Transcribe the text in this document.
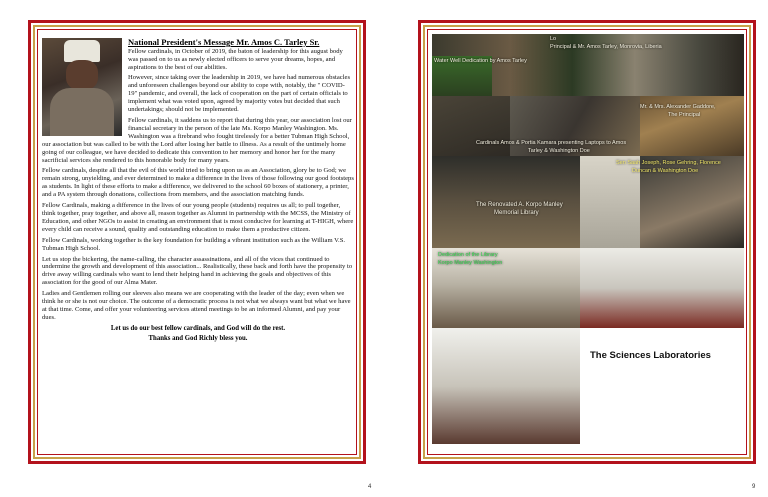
National President's Message Mr. Amos C. Tarley Sr.

Fellow cardinals, in October of 2019, the baton of leadership for this august body was passed on to us as newly elected officers to serve your dreams, hopes, and aspirations to the best of our abilities.

However, since taking over the leadership in 2019, we have had numerous obstacles and unforeseen challenges beyond our ability to cope with, notably, the " COVID-19" pandemic, and overall, the lack of cooperation on the part of certain officials to implement what was voted upon, agreed by majority votes but decided that such undertakings; should not be implemented.

Fellow cardinals, it saddens us to report that during this year, our association lost our financial secretary in the person of the late Ms. Korpo Manley Washington. Ms. Washington was a firebrand who fought tirelessly for a better Tubman High School, our association but was called to be with the Lord after losing her battle to illness. As a result of the untimely home going of our colleague, we have decided to dedicate this convention to her memory and honor her for the many sacrificial services she rendered to this honorable body for many years.

Fellow cardinals, despite all that the evil of this world tried to bring upon us as an Association, glory be to God; we remain strong, unyielding, and ever determined to make a difference in the lives of those following our good footsteps as students. In light of these efforts to make a difference, we delivered to the school 60 boxes of stationery, a printer, and a PA system through donations, collections from members, and the association matching funds.

Fellow Cardinals, making a difference in the lives of our young people (students) requires us all; to pull together, think together, pray together, and above all, reason together as Alumni in partnership with the MCSS, the Ministry of Education, and other NGOs to assist in creating an environment that is most conducive for learning at T-HIGH, where every child can receive a sound, quality and outstanding education to make them a productive citizen.

Fellow Cardinals, working together is the key foundation for building a vibrant institution such as the William V.S. Tubman High School.

Let us stop the bickering, the name-calling, the character assassinations, and all of the vices that continued to undermine the growth and development of this association... Realistically, these back and forth have the propensity to drive away willing cardinals who want to lend their helping hand in achieving the goals and objectives of this association for the good of our Alma Mater.

Ladies and Gentlemen rolling our sleeves also means we are cooperating with the leader of the day; even when we think he or she is not our choice. The outcome of a democratic process is not what we always want but what we have at that time. Come, and offer your volunteering services attend meetings to be an informed Alumni, and pay your dues.

Let us do our best fellow cardinals, and God will do the rest.
Thanks and God Richly bless you.
4
Lo
Principal & Mr. Amos Tarley, Monrovia, Liberia
Water Well Dedication by Amos Tarley
Mr. & Mrs. Alexander Gaddore,
The Principal
Cardinals Amos & Portia Kamara presenting Laptops to Amos
Tarley & Washington Doe
Sen Saah Joseph, Rose Gehring, Florence
Duncan & Washington Doe
The Renovated A. Korpo Manley
Memorial Library
Dedication of the Library
Korpo Manley Washington
The Sciences Laboratories
9
